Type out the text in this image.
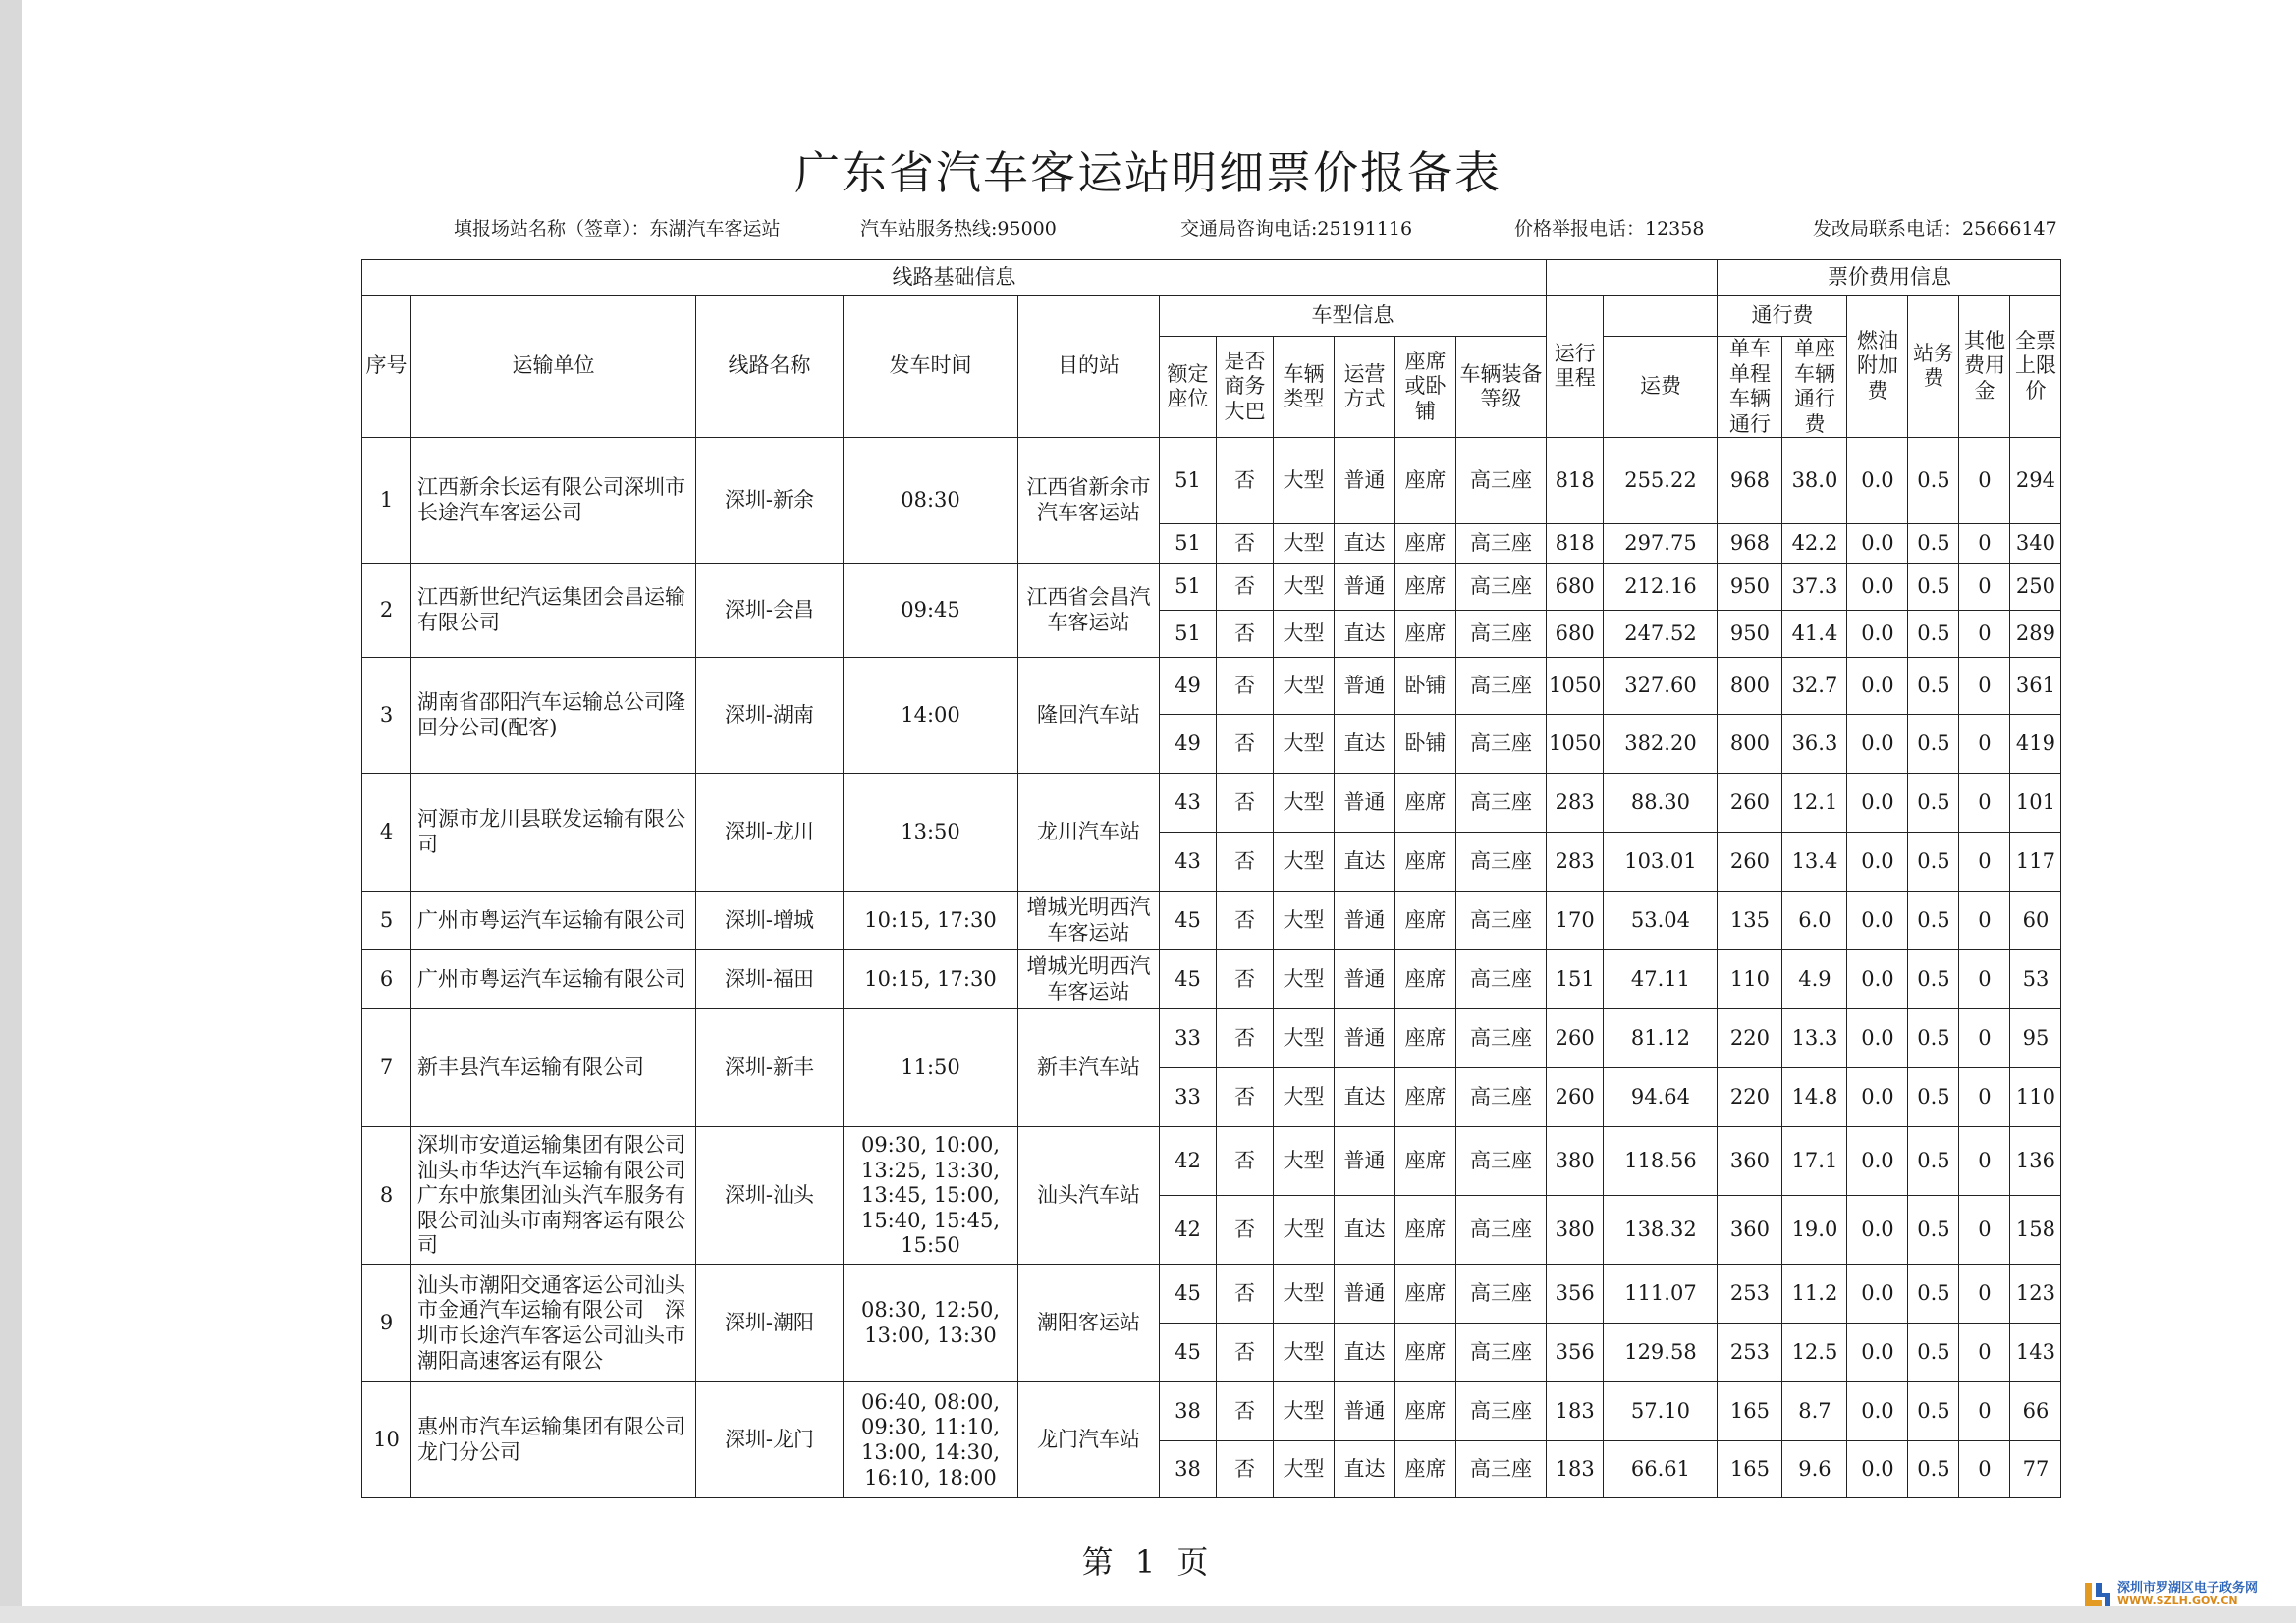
广东省汽车客运站明细票价报备表
填报场站名称（签章）：东湖汽车客运站	汽车站服务热线:95000	交通局咨询电话:25191116	价格举报电话：12358	发改局联系电话：25666147
线路基础信息													票价费用信息					
序号	运输单位	线路名称	发车时间	目的站	车型信息						运行里程		通行费		燃油附加费	站务费	其他费用金	全票上限价
					额定座位	是否商务大巴	车辆类型	运营方式	座席或卧铺	车辆装备等级		运费	单车单程车辆通行	单座车辆通行费				
1	江西新余长运有限公司深圳市长途汽车客运公司	深圳-新余	08:30	江西省新余市汽车客运站	51	否	大型	普通	座席	高三座	818	255.22	968	38.0	0.0	0.5	0	294
					51	否	大型	直达	座席	高三座	818	297.75	968	42.2	0.0	0.5	0	340
2	江西新世纪汽运集团会昌运输有限公司	深圳-会昌	09:45	江西省会昌汽车客运站	51	否	大型	普通	座席	高三座	680	212.16	950	37.3	0.0	0.5	0	250
					51	否	大型	直达	座席	高三座	680	247.52	950	41.4	0.0	0.5	0	289
3	湖南省邵阳汽车运输总公司隆回分公司(配客)	深圳-湖南	14:00	隆回汽车站	49	否	大型	普通	卧铺	高三座	1050	327.60	800	32.7	0.0	0.5	0	361
					49	否	大型	直达	卧铺	高三座	1050	382.20	800	36.3	0.0	0.5	0	419
4	河源市龙川县联发运输有限公司	深圳-龙川	13:50	龙川汽车站	43	否	大型	普通	座席	高三座	283	88.30	260	12.1	0.0	0.5	0	101
					43	否	大型	直达	座席	高三座	283	103.01	260	13.4	0.0	0.5	0	117
5	广州市粤运汽车运输有限公司	深圳-增城	10:15, 17:30	增城光明西汽车客运站	45	否	大型	普通	座席	高三座	170	53.04	135	6.0	0.0	0.5	0	60
6	广州市粤运汽车运输有限公司	深圳-福田	10:15, 17:30	增城光明西汽车客运站	45	否	大型	普通	座席	高三座	151	47.11	110	4.9	0.0	0.5	0	53
7	新丰县汽车运输有限公司	深圳-新丰	11:50	新丰汽车站	33	否	大型	普通	座席	高三座	260	81.12	220	13.3	0.0	0.5	0	95
					33	否	大型	直达	座席	高三座	260	94.64	220	14.8	0.0	0.5	0	110
8	深圳市安道运输集团有限公司　　汕头市华达汽车运输有限公司　　广东中旅集团汕头汽车服务有限公司汕头市南翔客运有限公司	深圳-汕头	09:30, 10:00, 13:25, 13:30, 13:45, 15:00, 15:40, 15:45, 15:50	汕头汽车站	42	否	大型	普通	座席	高三座	380	118.56	360	17.1	0.0	0.5	0	136
					42	否	大型	直达	座席	高三座	380	138.32	360	19.0	0.0	0.5	0	158
9	汕头市潮阳交通客运公司汕头市金通汽车运输有限公司　深圳市长途汽车客运公司汕头市潮阳高速客运有限公	深圳-潮阳	08:30, 12:50, 13:00, 13:30	潮阳客运站	45	否	大型	普通	座席	高三座	356	111.07	253	11.2	0.0	0.5	0	123
					45	否	大型	直达	座席	高三座	356	129.58	253	12.5	0.0	0.5	0	143
10	惠州市汽车运输集团有限公司龙门分公司	深圳-龙门	06:40, 08:00, 09:30, 11:10, 13:00, 14:30, 16:10, 18:00	龙门汽车站	38	否	大型	普通	座席	高三座	183	57.10	165	8.7	0.0	0.5	0	66
					38	否	大型	直达	座席	高三座	183	66.61	165	9.6	0.0	0.5	0	77
第 1 页
深圳市罗湖区电子政务网
WWW.SZLH.GOV.CN
